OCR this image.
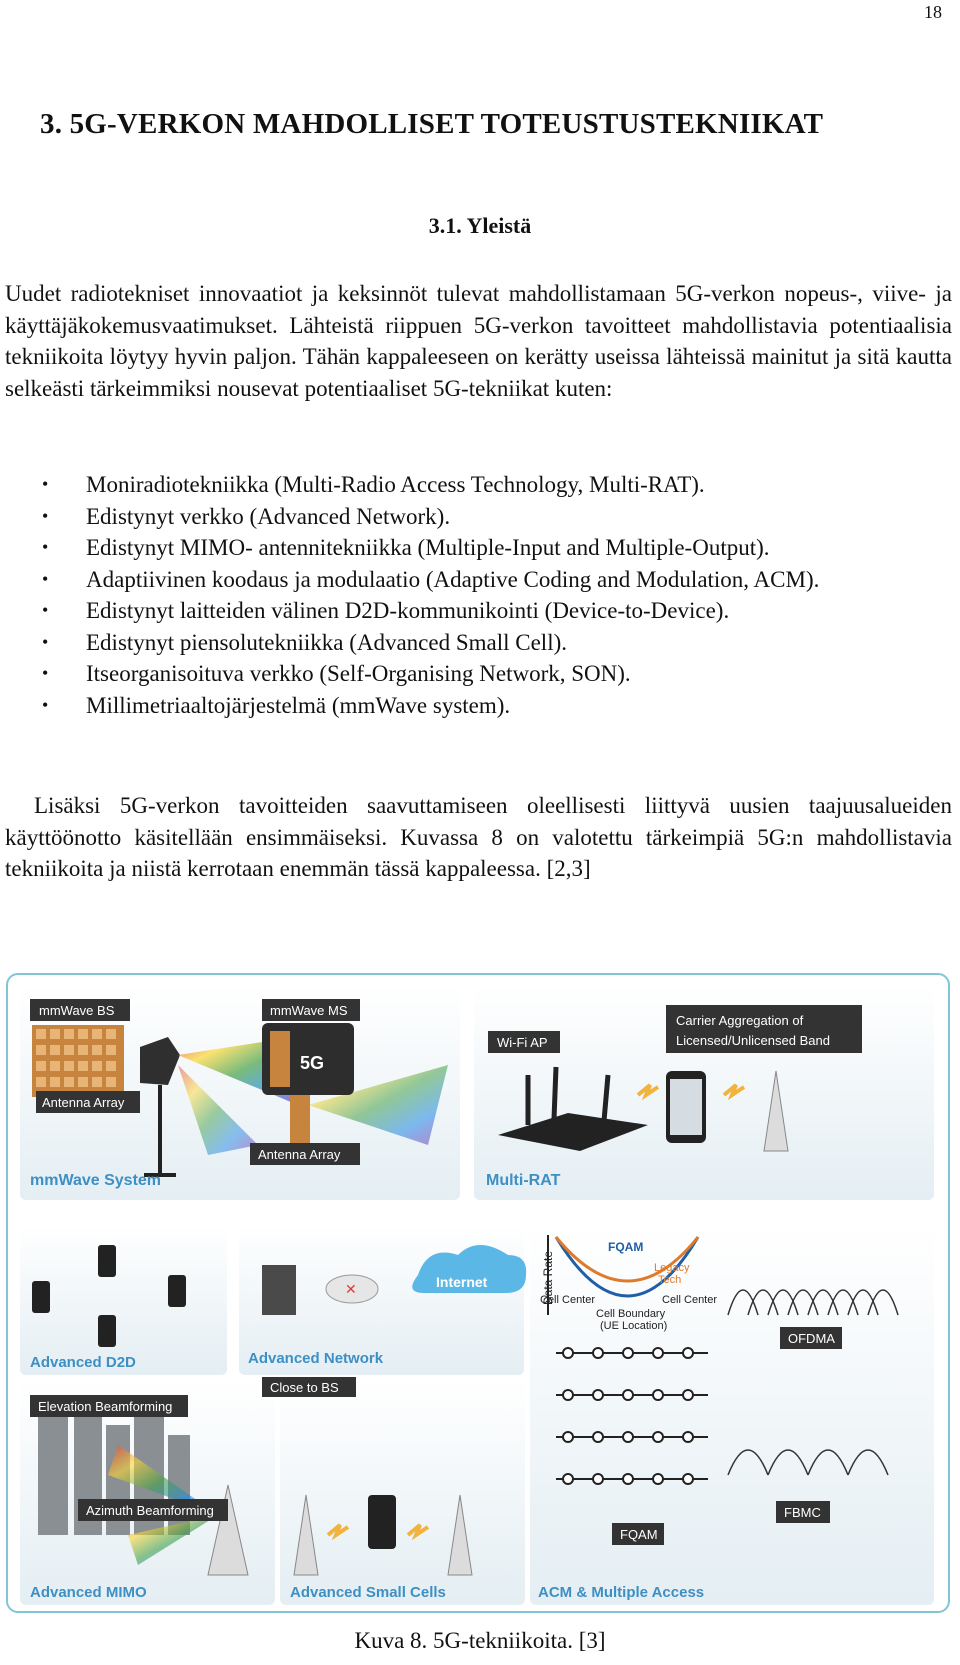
18
3. 5G-VERKON MAHDOLLISET TOTEUSTUSTEKNIIKAT
3.1. Yleistä

Uudet radiotekniset innovaatiot ja keksinnöt tulevat mahdollistamaan 5G-verkon nopeus-, viive- ja käyttäjäkokemusvaatimukset. Lähteistä riippuen 5G-verkon tavoitteet mahdollistavia potentiaalisia tekniikoita löytyy hyvin paljon. Tähän kappaleeseen on kerätty useissa lähteissä mainitut ja sitä kautta selkeästi tärkeimmiksi nousevat potentiaaliset 5G-tekniikat kuten:

• Moniradiotekniikka (Multi-Radio Access Technology, Multi-RAT).
• Edistynyt verkko (Advanced Network).
• Edistynyt MIMO- antennitekniikka (Multiple-Input and Multiple-Output).
• Adaptiivinen koodaus ja modulaatio (Adaptive Coding and Modulation, ACM).
• Edistynyt laitteiden välinen D2D-kommunikointi (Device-to-Device).
• Edistynyt piensolutekniikka (Advanced Small Cell).
• Itseorganisoituva verkko (Self-Organising Network, SON).
• Millimetriaaltojärjestelmä (mmWave system).

Lisäksi 5G-verkon tavoitteiden saavuttamiseen oleellisesti liittyvä uusien taajuusalueiden käyttöönotto käsitellään ensimmäiseksi. Kuvassa 8 on valotettu tärkeimpiä 5G:n mahdollistavia tekniikoita ja niistä kerrotaan enemmän tässä kappaleessa. [2,3]

mmWave BS
Antenna Array
mmWave MS
5G
Antenna Array
mmWave System
Wi-Fi AP
Carrier Aggregation of
Licensed/Unlicensed Band
Multi-RAT
Advanced D2D
✕	Internet
Advanced Network
Close to BS
Elevation Beamforming
Azimuth Beamforming
Advanced MIMO	Advanced Small Cells
Data Rate
FQAM
Legacy
Tech
Cell Center	Cell Center
Cell Boundary
(UE Location)
FQAM
OFDMA
FBMC
ACM & Multiple Access
Kuva 8. 5G-tekniikoita. [3]
